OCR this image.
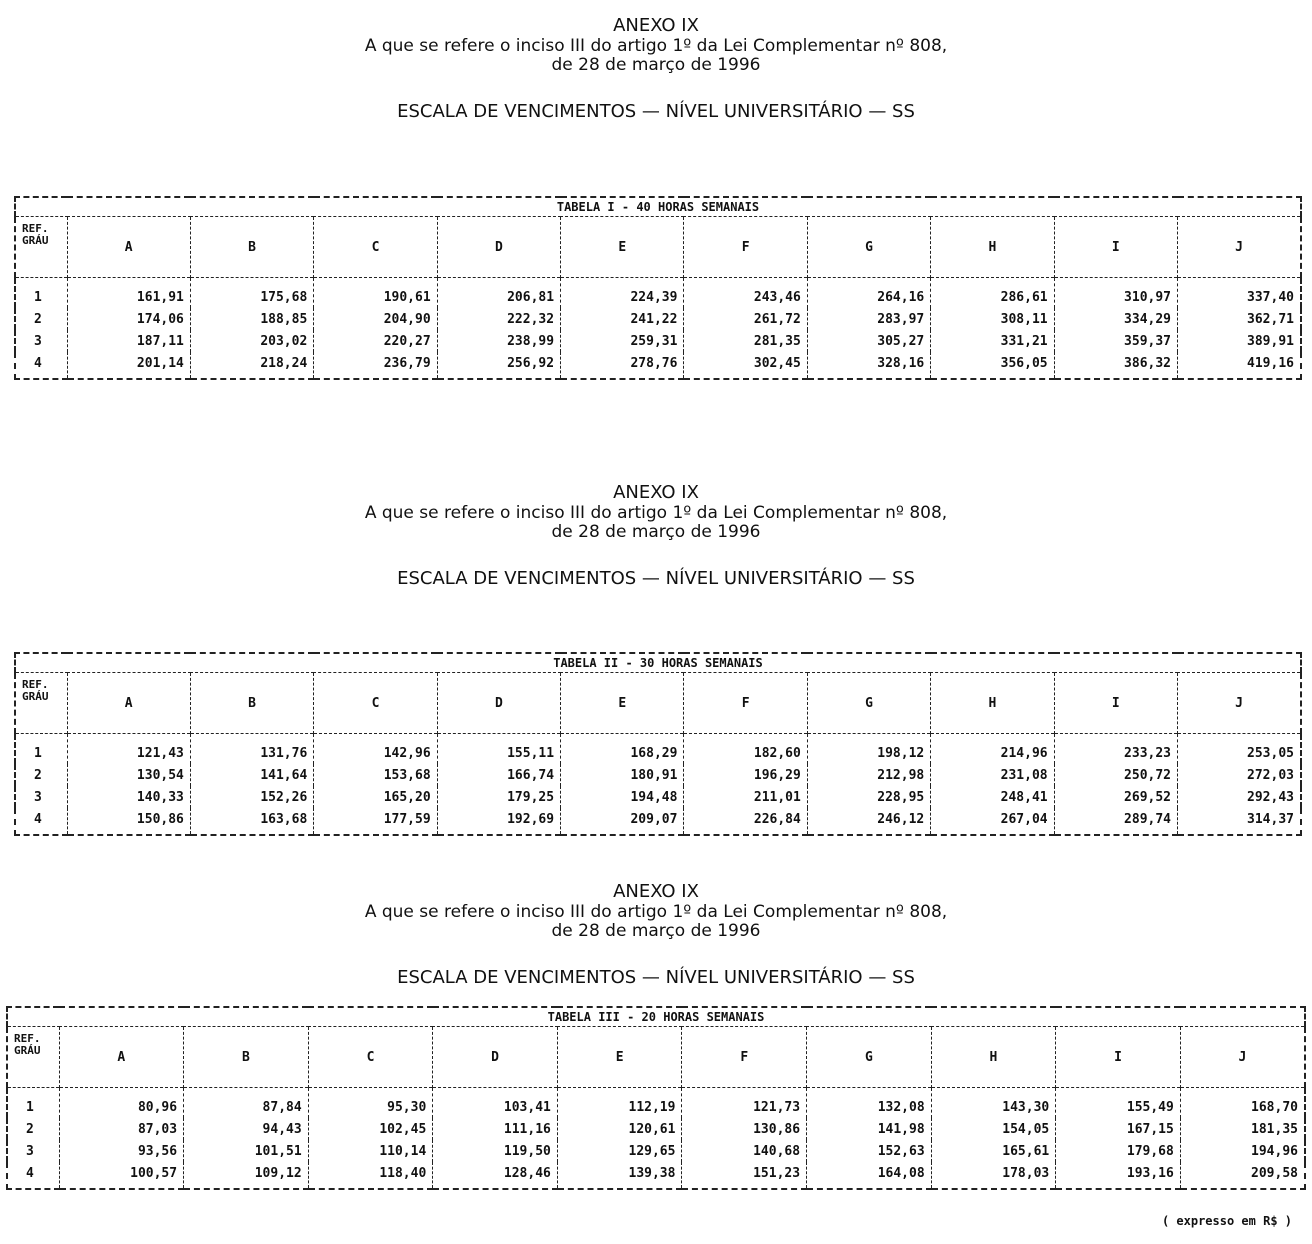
ANEXO IX
A que se refere o inciso III do artigo 1º da Lei Complementar nº 808,
de 28 de março de 1996
ESCALA DE VENCIMENTOS — NÍVEL UNIVERSITÁRIO — SS
TABELA I - 40 HORAS SEMANAIS										
REF.
GRÁU	A	B	C	D	E	F	G	H	I	J
1	161,91	175,68	190,61	206,81	224,39	243,46	264,16	286,61	310,97	337,40
2	174,06	188,85	204,90	222,32	241,22	261,72	283,97	308,11	334,29	362,71
3	187,11	203,02	220,27	238,99	259,31	281,35	305,27	331,21	359,37	389,91
4	201,14	218,24	236,79	256,92	278,76	302,45	328,16	356,05	386,32	419,16
ANEXO IX
A que se refere o inciso III do artigo 1º da Lei Complementar nº 808,
de 28 de março de 1996
ESCALA DE VENCIMENTOS — NÍVEL UNIVERSITÁRIO — SS
TABELA II - 30 HORAS SEMANAIS										
REF.
GRÁU	A	B	C	D	E	F	G	H	I	J
1	121,43	131,76	142,96	155,11	168,29	182,60	198,12	214,96	233,23	253,05
2	130,54	141,64	153,68	166,74	180,91	196,29	212,98	231,08	250,72	272,03
3	140,33	152,26	165,20	179,25	194,48	211,01	228,95	248,41	269,52	292,43
4	150,86	163,68	177,59	192,69	209,07	226,84	246,12	267,04	289,74	314,37
ANEXO IX
A que se refere o inciso III do artigo 1º da Lei Complementar nº 808,
de 28 de março de 1996
ESCALA DE VENCIMENTOS — NÍVEL UNIVERSITÁRIO — SS
TABELA III - 20 HORAS SEMANAIS										
REF.
GRÁU	A	B	C	D	E	F	G	H	I	J
1	80,96	87,84	95,30	103,41	112,19	121,73	132,08	143,30	155,49	168,70
2	87,03	94,43	102,45	111,16	120,61	130,86	141,98	154,05	167,15	181,35
3	93,56	101,51	110,14	119,50	129,65	140,68	152,63	165,61	179,68	194,96
4	100,57	109,12	118,40	128,46	139,38	151,23	164,08	178,03	193,16	209,58
( expresso em R$ )
